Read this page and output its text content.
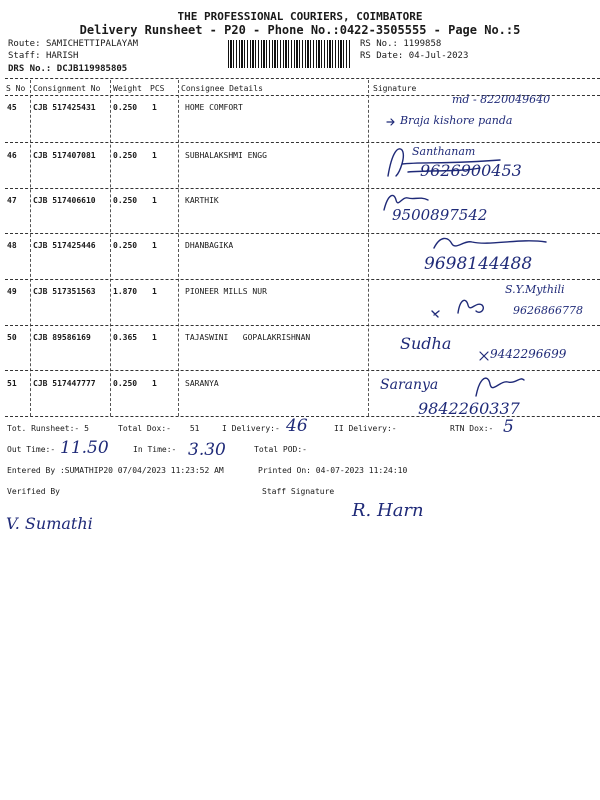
THE PROFESSIONAL COURIERS, COIMBATORE
Delivery Runsheet - P20 - Phone No.:0422-3505555 - Page No.:5
Route: SAMICHETTIPALAYAM
Staff: HARISH
DRS No.: DCJB119985805
RS No.: 1199858
RS Date: 04-Jul-2023
S No Consignment No Weight PCS Consignee Details	Signature
45 CJB 517425431 0.250 1	HOME COMFORT
46 CJB 517407081 0.250 1	SUBHALAKSHMI ENGG
47 CJB 517406610 0.250 1	KARTHIK
48 CJB 517425446 0.250 1	DHANBAGIKA
49 CJB 517351563 1.870 1	PIONEER MILLS NUR
50 CJB 89586169	0.365 1	TAJASWINI   GOPALAKRISHNAN
51 CJB 517447777 0.250 1	SARANYA
md - 8220049640
Braja kishore panda
Santhanam
9626900453
9500897542
9698144488
S.Y.Mythili
9626866778
Sudha
9442296699
Saranya
9842260337
Tot. Runsheet:- 5	Total Dox:- 51	I Delivery:- 46	II Delivery:-	RTN Dox:- 5
Out Time:- 11.50	In Time:- 3.30	Total POD:-
Entered By :SUMATHIP20 07/04/2023 11:23:52 AM	Printed On: 04-07-2023 11:24:10
Verified By	Staff Signature
V. Sumathi
R. Harn
